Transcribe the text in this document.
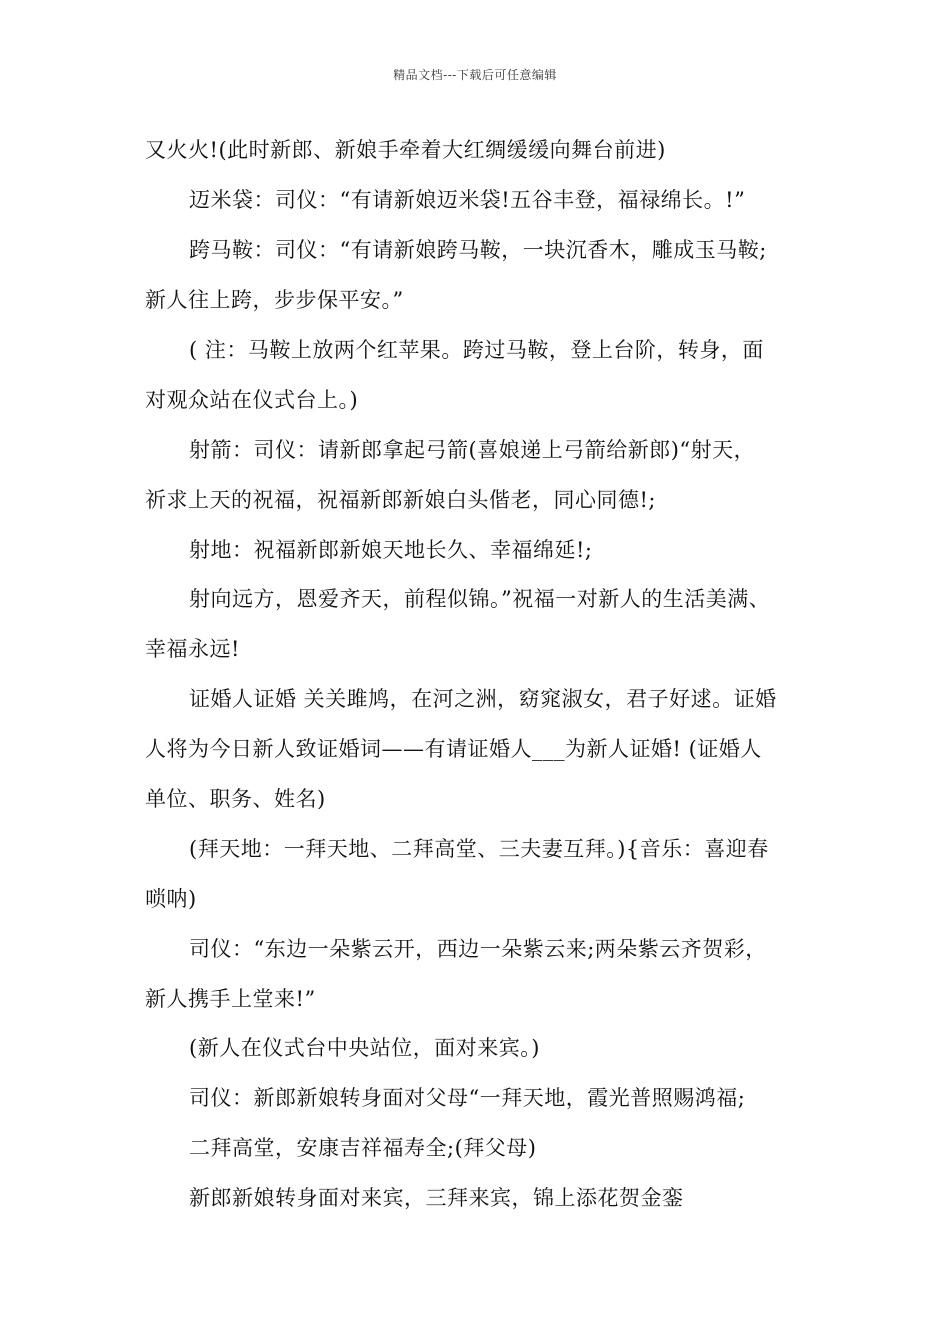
精品文档---下载后可任意编辑
又火火!(此时新郎、新娘手牵着大红绸缓缓向舞台前进)
迈米袋：司仪：“有请新娘迈米袋!五谷丰登，福禄绵长。!”
跨马鞍：司仪：“有请新娘跨马鞍，一块沉香木，雕成玉马鞍;
新人往上跨，步步保平安。”
( 注：马鞍上放两个红苹果。跨过马鞍，登上台阶，转身，面
对观众站在仪式台上。)
射箭：司仪：请新郎拿起弓箭(喜娘递上弓箭给新郎)“射天，
祈求上天的祝福，祝福新郎新娘白头偕老，同心同德!;
射地：祝福新郎新娘天地长久、幸福绵延!;
射向远方，恩爱齐天，前程似锦。”祝福一对新人的生活美满、
幸福永远!
证婚人证婚 关关雎鸠，在河之洲，窈窕淑女，君子好逑。证婚
人将为今日新人致证婚词——有请证婚人___为新人证婚! (证婚人
单位、职务、姓名)
(拜天地：一拜天地、二拜高堂、三夫妻互拜。){音乐：喜迎春
唢呐)
司仪：“东边一朵紫云开，西边一朵紫云来;两朵紫云齐贺彩，
新人携手上堂来!”
(新人在仪式台中央站位，面对来宾。)
司仪：新郎新娘转身面对父母“一拜天地，霞光普照赐鸿福;
二拜高堂，安康吉祥福寿全;(拜父母)
新郎新娘转身面对来宾，三拜来宾，锦上添花贺金銮
